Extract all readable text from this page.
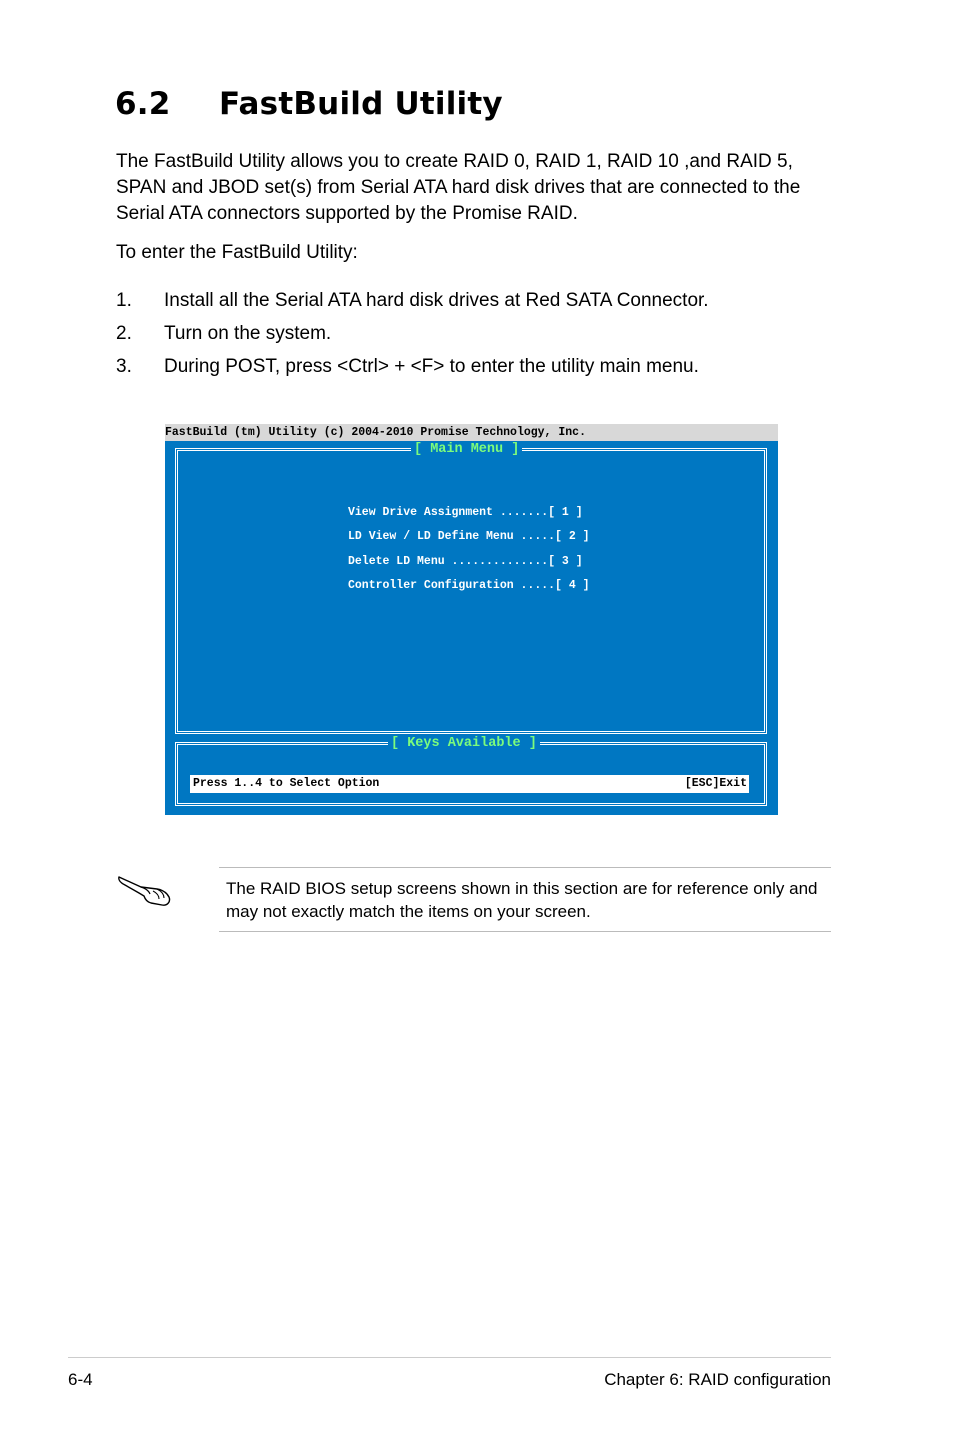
6.2 FastBuild Utility

The FastBuild Utility allows you to create RAID 0, RAID 1, RAID 10 ,and RAID 5, SPAN and JBOD set(s) from Serial ATA hard disk drives that are connected to the Serial ATA connectors supported by the Promise RAID.

To enter the FastBuild Utility:

1. Install all the Serial ATA hard disk drives at Red SATA Connector.
2. Turn on the system.
3. During POST, press <Ctrl> + <F> to enter the utility main menu.
FastBuild (tm) Utility (c) 2004-2010 Promise Technology, Inc.
[ Main Menu ]
View Drive Assignment .......[ 1 ]
LD View / LD Define Menu .....[ 2 ]
Delete LD Menu ..............[ 3 ]
Controller Configuration .....[ 4 ]
[ Keys Available ]
Press 1..4 to Select Option	[ESC]Exit

The RAID BIOS setup screens shown in this section are for reference only and may not exactly match the items on your screen.

6-4	Chapter 6: RAID configuration
